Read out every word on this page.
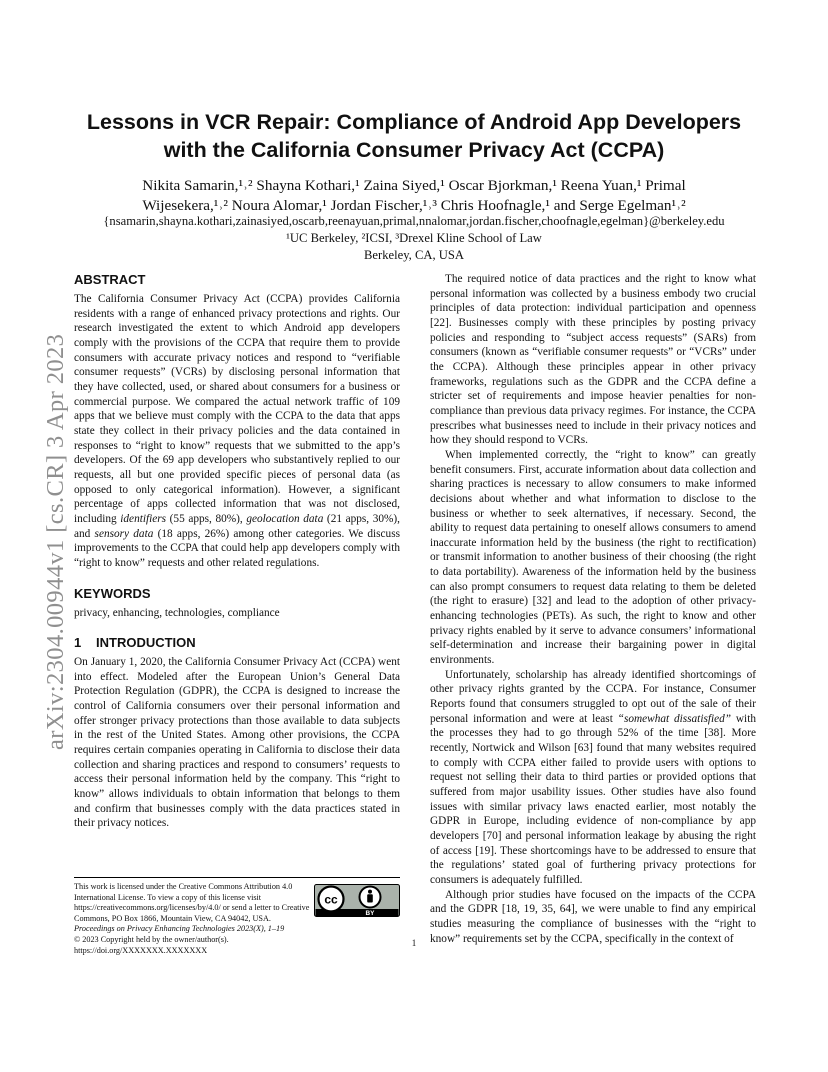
arXiv:2304.00944v1 [cs.CR] 3 Apr 2023
Lessons in VCR Repair: Compliance of Android App Developers
with the California Consumer Privacy Act (CCPA)
Nikita Samarin,¹˒² Shayna Kothari,¹ Zaina Siyed,¹ Oscar Bjorkman,¹ Reena Yuan,¹ Primal
Wijesekera,¹˒² Noura Alomar,¹ Jordan Fischer,¹˒³ Chris Hoofnagle,¹ and Serge Egelman¹˒²
{nsamarin,shayna.kothari,zainasiyed,oscarb,reenayuan,primal,nnalomar,jordan.fischer,choofnagle,egelman}@berkeley.edu
¹UC Berkeley, ²ICSI, ³Drexel Kline School of Law
Berkeley, CA, USA
ABSTRACT

The California Consumer Privacy Act (CCPA) provides California residents with a range of enhanced privacy protections and rights. Our research investigated the extent to which Android app developers comply with the provisions of the CCPA that require them to provide consumers with accurate privacy notices and respond to “verifiable consumer requests” (VCRs) by disclosing personal information that they have collected, used, or shared about consumers for a business or commercial purpose. We compared the actual network traffic of 109 apps that we believe must comply with the CCPA to the data that apps state they collect in their privacy policies and the data contained in responses to “right to know” requests that we submitted to the app’s developers. Of the 69 app developers who substantively replied to our requests, all but one provided specific pieces of personal data (as opposed to only categorical information). However, a significant percentage of apps collected information that was not disclosed, including identifiers (55 apps, 80%), geolocation data (21 apps, 30%), and sensory data (18 apps, 26%) among other categories. We discuss improvements to the CCPA that could help app developers comply with “right to know” requests and other related regulations.

KEYWORDS

privacy, enhancing, technologies, compliance

1 INTRODUCTION

On January 1, 2020, the California Consumer Privacy Act (CCPA) went into effect. Modeled after the European Union’s General Data Protection Regulation (GDPR), the CCPA is designed to increase the control of California consumers over their personal information and offer stronger privacy protections than those available to data subjects in the rest of the United States. Among other provisions, the CCPA requires certain companies operating in California to disclose their data collection and sharing practices and respond to consumers’ requests to access their personal information held by the company. This “right to know” allows individuals to obtain information that belongs to them and confirm that businesses comply with the data practices stated in their privacy notices.

The required notice of data practices and the right to know what personal information was collected by a business embody two crucial principles of data protection: individual participation and openness [22]. Businesses comply with these principles by posting privacy policies and responding to “subject access requests” (SARs) from consumers (known as “verifiable consumer requests” or “VCRs” under the CCPA). Although these principles appear in other privacy frameworks, regulations such as the GDPR and the CCPA define a stricter set of requirements and impose heavier penalties for non-compliance than previous data privacy regimes. For instance, the CCPA prescribes what businesses need to include in their privacy notices and how they should respond to VCRs.

When implemented correctly, the “right to know” can greatly benefit consumers. First, accurate information about data collection and sharing practices is necessary to allow consumers to make informed decisions about whether and what information to disclose to the business or whether to seek alternatives, if necessary. Second, the ability to request data pertaining to oneself allows consumers to amend inaccurate information held by the business (the right to rectification) or transmit information to another business of their choosing (the right to data portability). Awareness of the information held by the business can also prompt consumers to request data relating to them be deleted (the right to erasure) [32] and lead to the adoption of other privacy-enhancing technologies (PETs). As such, the right to know and other privacy rights enabled by it serve to advance consumers’ informational self-determination and increase their bargaining power in digital environments.

Unfortunately, scholarship has already identified shortcomings of other privacy rights granted by the CCPA. For instance, Consumer Reports found that consumers struggled to opt out of the sale of their personal information and were at least “somewhat dissatisfied” with the processes they had to go through 52% of the time [38]. More recently, Nortwick and Wilson [63] found that many websites required to comply with CCPA either failed to provide users with options to request not selling their data to third parties or provided options that suffered from major usability issues. Other studies have also found issues with similar privacy laws enacted earlier, most notably the GDPR in Europe, including evidence of non-compliance by app developers [70] and personal information leakage by abusing the right of access [19]. These shortcomings have to be addressed to ensure that the regulations’ stated goal of furthering privacy protections for consumers is adequately fulfilled.

Although prior studies have focused on the impacts of the CCPA and the GDPR [18, 19, 35, 64], we were unable to find any empirical studies measuring the compliance of businesses with the “right to know” requirements set by the CCPA, specifically in the context of

This work is licensed under the Creative Commons Attribution 4.0 International License. To view a copy of this license visit https://creativecommons.org/licenses/by/4.0/ or send a letter to Creative Commons, PO Box 1866, Mountain View, CA 94042, USA.
cc
BY
Proceedings on Privacy Enhancing Technologies 2023(X), 1–19
© 2023 Copyright held by the owner/author(s).
https://doi.org/XXXXXXX.XXXXXXX
1
